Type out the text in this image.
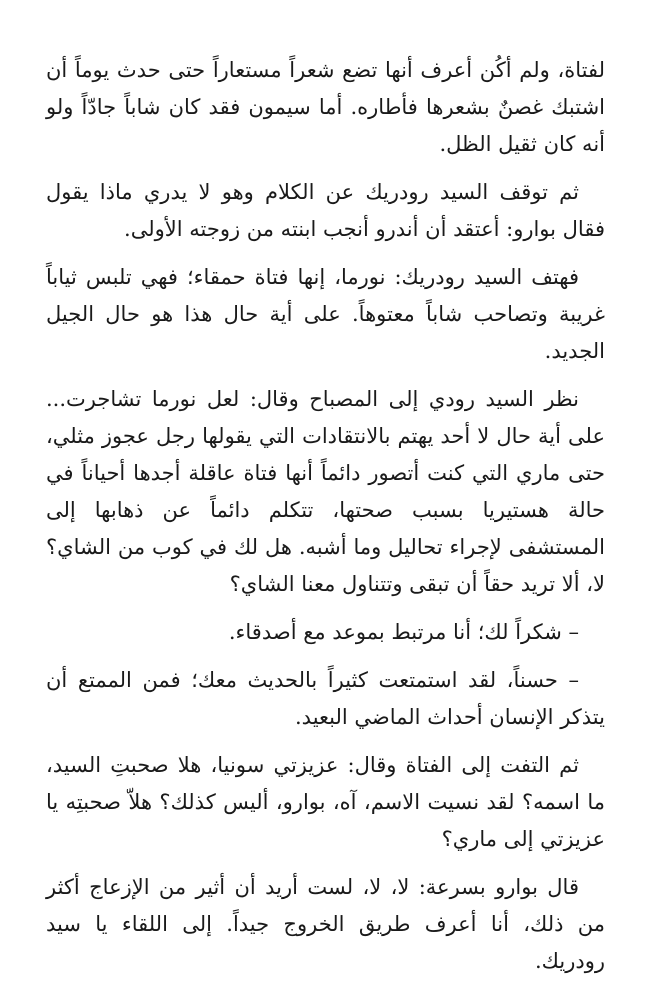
لفتاة، ولم أكُن أعرف أنها تضع شعراً مستعاراً حتى حدث يوماً أن اشتبك غصنٌ بشعرها فأطاره. أما سيمون فقد كان شاباً جادّاً ولو أنه كان ثقيل الظل.

ثم توقف السيد رودريك عن الكلام وهو لا يدري ماذا يقول فقال بوارو: أعتقد أن أندرو أنجب ابنته من زوجته الأولى.

فهتف السيد رودريك: نورما، إنها فتاة حمقاء؛ فهي تلبس ثياباً غريبة وتصاحب شاباً معتوهاً. على أية حال هذا هو حال الجيل الجديد.

نظر السيد رودي إلى المصباح وقال: لعل نورما تشاجرت... على أية حال لا أحد يهتم بالانتقادات التي يقولها رجل عجوز مثلي، حتى ماري التي كنت أتصور دائماً أنها فتاة عاقلة أجدها أحياناً في حالة هستيريا بسبب صحتها، تتكلم دائماً عن ذهابها إلى المستشفى لإجراء تحاليل وما أشبه. هل لك في كوب من الشاي؟ لا، ألا تريد حقاً أن تبقى وتتناول معنا الشاي؟

– شكراً لك؛ أنا مرتبط بموعد مع أصدقاء.

– حسناً، لقد استمتعت كثيراً بالحديث معك؛ فمن الممتع أن يتذكر الإنسان أحداث الماضي البعيد.

ثم التفت إلى الفتاة وقال: عزيزتي سونيا، هلا صحبتِ السيد، ما اسمه؟ لقد نسيت الاسم، آه، بوارو، أليس كذلك؟ هلاّ صحبتِه يا عزيزتي إلى ماري؟

قال بوارو بسرعة: لا، لا، لست أريد أن أثير من الإزعاج أكثر من ذلك، أنا أعرف طريق الخروج جيداً. إلى اللقاء يا سيد رودريك.
